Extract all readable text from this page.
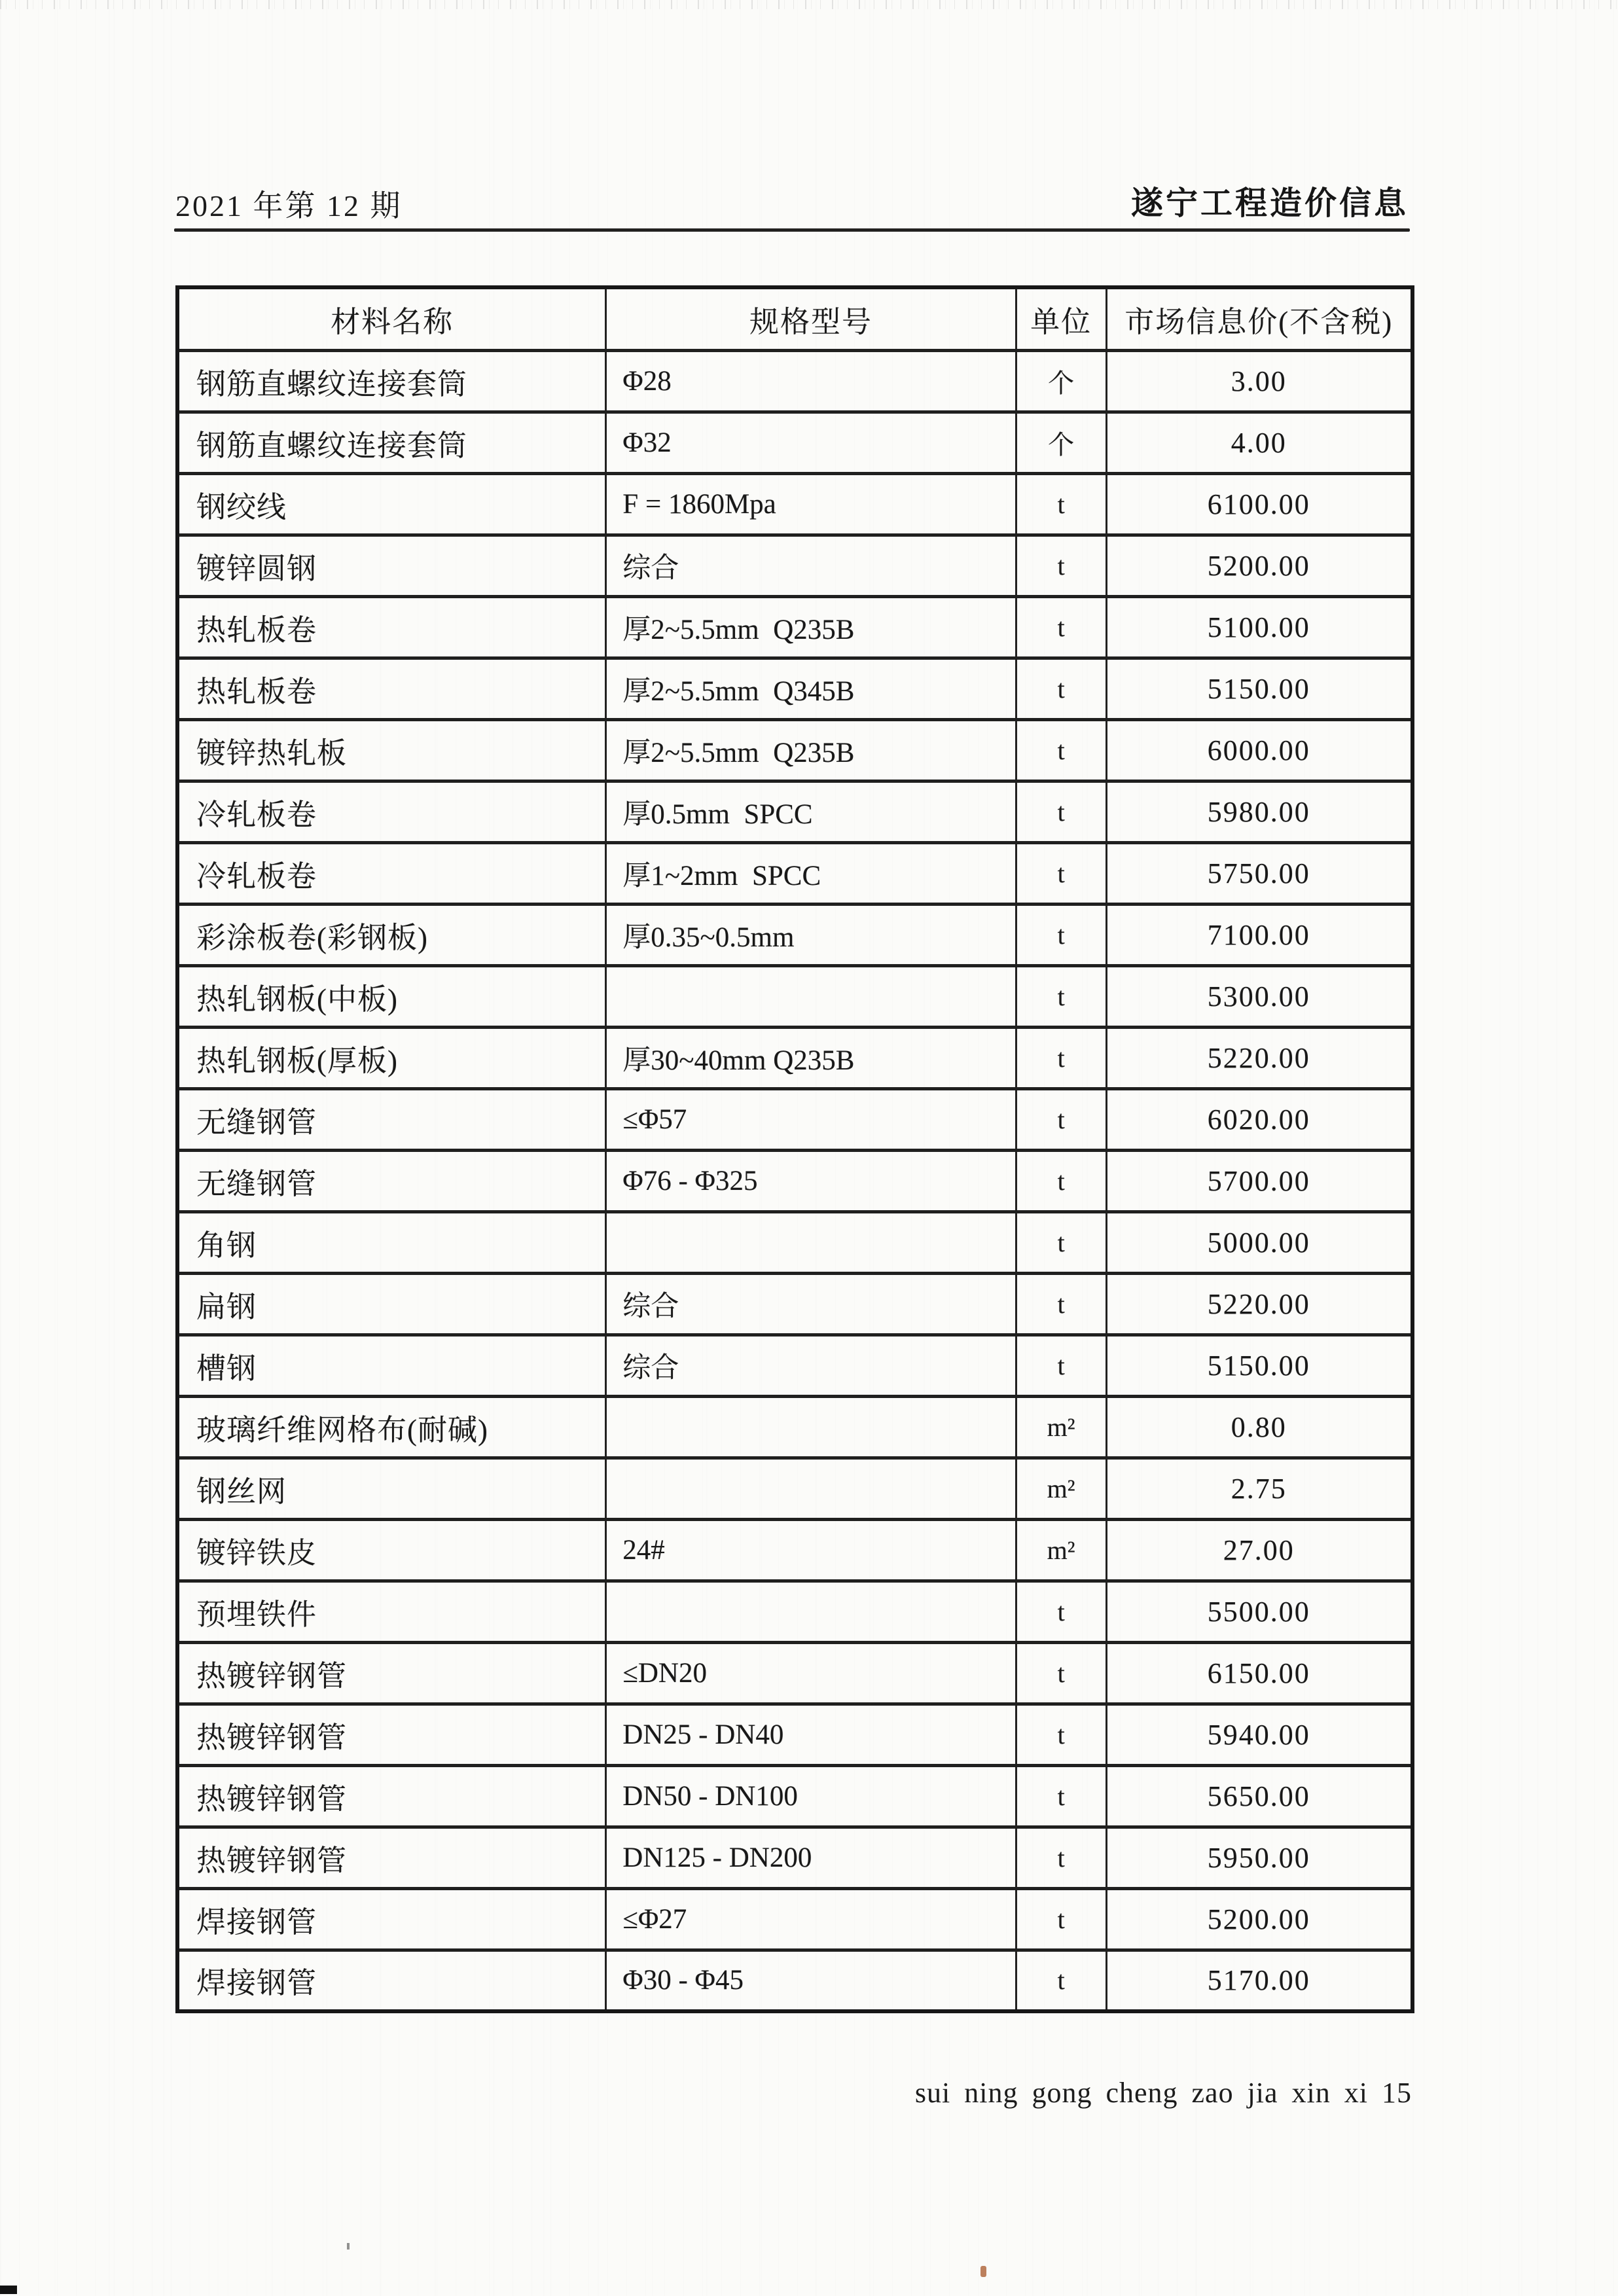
2021 年第 12 期	遂宁工程造价信息
材料名称	规格型号	单位	市场信息价(不含税)
钢筋直螺纹连接套筒	Φ28	个	3.00
钢筋直螺纹连接套筒	Φ32	个	4.00
钢绞线	F = 1860Mpa	t	6100.00
镀锌圆钢	综合	t	5200.00
热轧板卷	厚2~5.5mm  Q235B	t	5100.00
热轧板卷	厚2~5.5mm  Q345B	t	5150.00
镀锌热轧板	厚2~5.5mm  Q235B	t	6000.00
冷轧板卷	厚0.5mm  SPCC	t	5980.00
冷轧板卷	厚1~2mm  SPCC	t	5750.00
彩涂板卷(彩钢板)	厚0.35~0.5mm	t	7100.00
热轧钢板(中板)		t	5300.00
热轧钢板(厚板)	厚30~40mm Q235B	t	5220.00
无缝钢管	≤Φ57	t	6020.00
无缝钢管	Φ76 - Φ325	t	5700.00
角钢		t	5000.00
扁钢	综合	t	5220.00
槽钢	综合	t	5150.00
玻璃纤维网格布(耐碱)		m²	0.80
钢丝网		m²	2.75
镀锌铁皮	24#	m²	27.00
预埋铁件		t	5500.00
热镀锌钢管	≤DN20	t	6150.00
热镀锌钢管	DN25 - DN40	t	5940.00
热镀锌钢管	DN50 - DN100	t	5650.00
热镀锌钢管	DN125 - DN200	t	5950.00
焊接钢管	≤Φ27	t	5200.00
焊接钢管	Φ30 - Φ45	t	5170.00
sui ning gong cheng zao jia xin xi 15
